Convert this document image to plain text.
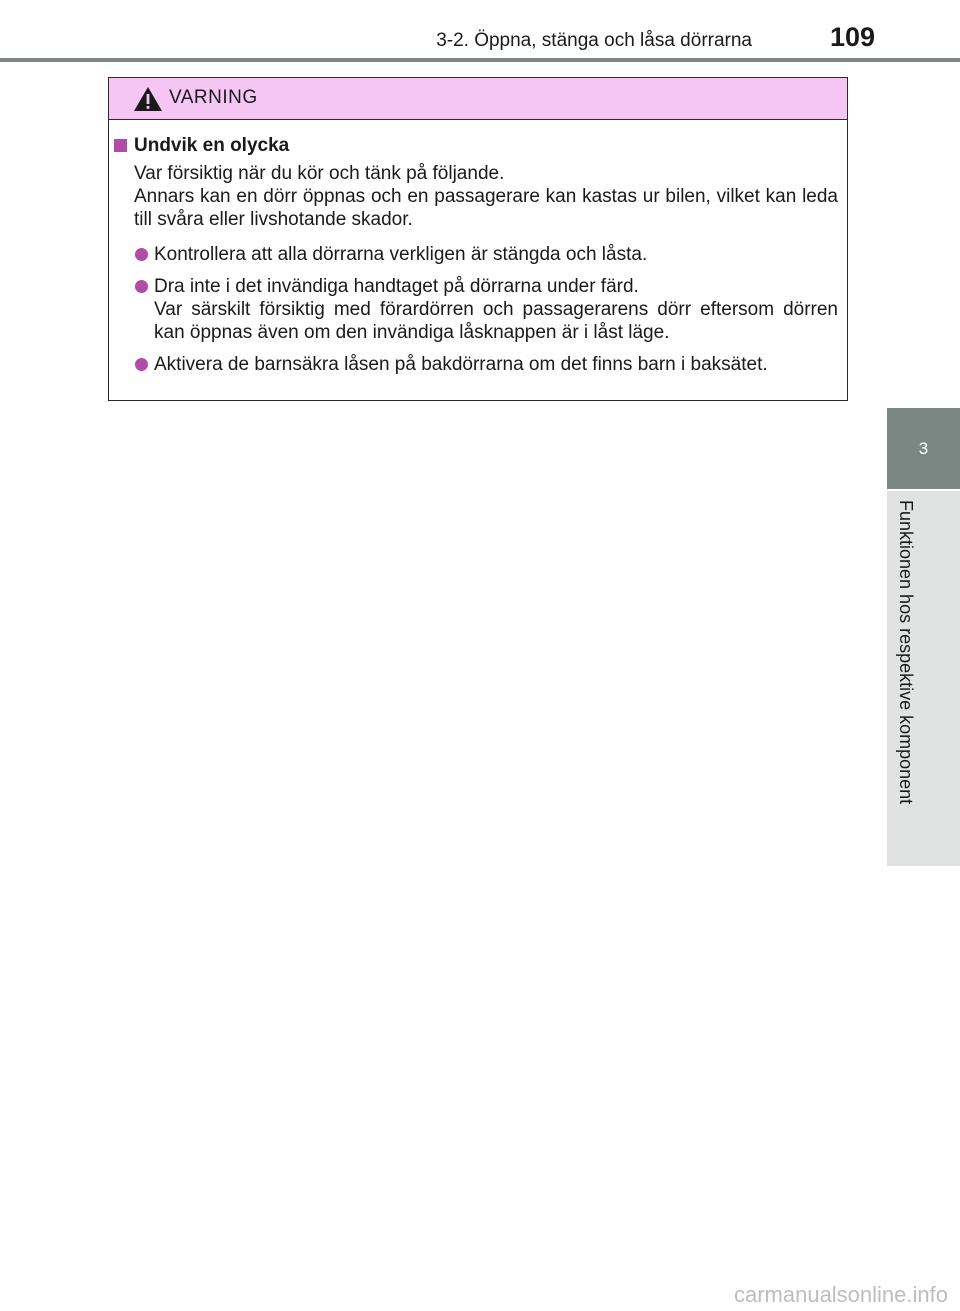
3-2. Öppna, stänga och låsa dörrarna	109
3
Funktionen hos respektive komponent
VARNING
Undvik en olycka
Var försiktig när du kör och tänk på följande.
Annars kan en dörr öppnas och en passagerare kan kastas ur bilen, vilket kan leda till svåra eller livshotande skador.
Kontrollera att alla dörrarna verkligen är stängda och låsta.
Dra inte i det invändiga handtaget på dörrarna under färd.
Var särskilt försiktig med förardörren och passagerarens dörr eftersom dörren kan öppnas även om den invändiga låsknappen är i låst läge.
Aktivera de barnsäkra låsen på bakdörrarna om det finns barn i baksätet.
carmanualsonline.info
